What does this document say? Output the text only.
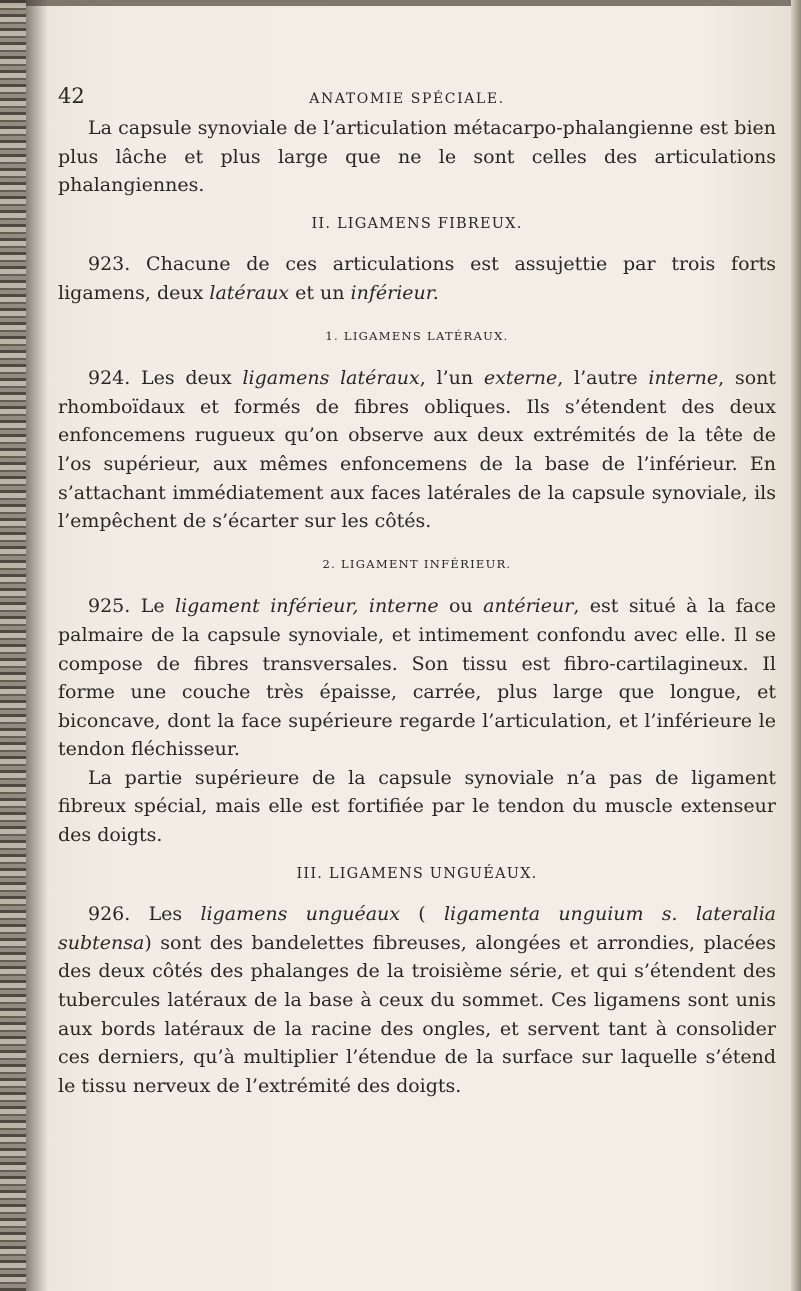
42	ANATOMIE SPÉCIALE.

La capsule synoviale de l’articulation métacarpo-phalangienne est bien plus lâche et plus large que ne le sont celles des articulations phalangiennes.

II. LIGAMENS FIBREUX.

923. Chacune de ces articulations est assujettie par trois forts ligamens, deux latéraux et un inférieur.

1. LIGAMENS LATÉRAUX.

924. Les deux ligamens latéraux, l’un externe, l’autre interne, sont rhomboïdaux et formés de fibres obliques. Ils s’étendent des deux enfoncemens rugueux qu’on observe aux deux extrémités de la tête de l’os supérieur, aux mêmes enfoncemens de la base de l’inférieur. En s’attachant immédiatement aux faces latérales de la capsule synoviale, ils l’empêchent de s’écarter sur les côtés.

2. LIGAMENT INFÉRIEUR.

925. Le ligament inférieur, interne ou antérieur, est situé à la face palmaire de la capsule synoviale, et intimement confondu avec elle. Il se compose de fibres transversales. Son tissu est fibro-cartilagineux. Il forme une couche très épaisse, carrée, plus large que longue, et biconcave, dont la face supérieure regarde l’articulation, et l’inférieure le tendon fléchisseur.

La partie supérieure de la capsule synoviale n’a pas de ligament fibreux spécial, mais elle est fortifiée par le tendon du muscle extenseur des doigts.

III. LIGAMENS UNGUÉAUX.

926. Les ligamens unguéaux ( ligamenta unguium s. lateralia subtensa) sont des bandelettes fibreuses, alongées et arrondies, placées des deux côtés des phalanges de la troisième série, et qui s’étendent des tubercules latéraux de la base à ceux du sommet. Ces ligamens sont unis aux bords latéraux de la racine des ongles, et servent tant à consolider ces derniers, qu’à multiplier l’étendue de la surface sur laquelle s’étend le tissu nerveux de l’extrémité des doigts.
